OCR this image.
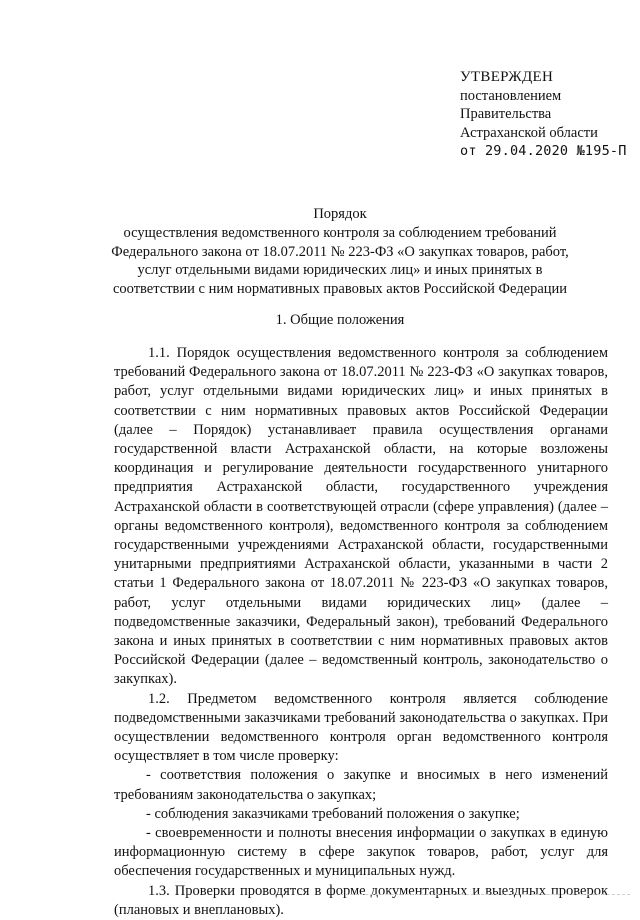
УТВЕРЖДЕН
постановлением
Правительства
Астраханской области
от 29.04.2020 №195-П
Порядок
осуществления ведомственного контроля за соблюдением требований Федерального закона от 18.07.2011 № 223-ФЗ «О закупках товаров, работ, услуг отдельными видами юридических лиц» и иных принятых в соответствии с ним нормативных правовых актов Российской Федерации
1. Общие положения

1.1. Порядок осуществления ведомственного контроля за соблюдением требований Федерального закона от 18.07.2011 № 223-ФЗ «О закупках товаров, работ, услуг отдельными видами юридических лиц» и иных принятых в соответствии с ним нормативных правовых актов Российской Федерации (далее – Порядок) устанавливает правила осуществления органами государственной власти Астраханской области, на которые возложены координация и регулирование деятельности государственного унитарного предприятия Астраханской области, государственного учреждения Астраханской области в соответствующей отрасли (сфере управления) (далее – органы ведомственного контроля), ведомственного контроля за соблюдением государственными учреждениями Астраханской области, государственными унитарными предприятиями Астраханской области, указанными в части 2 статьи 1 Федерального закона от 18.07.2011 № 223-ФЗ «О закупках товаров, работ, услуг отдельными видами юридических лиц» (далее – подведомственные заказчики, Федеральный закон), требований Федерального закона и иных принятых в соответствии с ним нормативных правовых актов Российской Федерации (далее – ведомственный контроль, законодательство о закупках).

1.2. Предметом ведомственного контроля является соблюдение подведомственными заказчиками требований законодательства о закупках. При осуществлении ведомственного контроля орган ведомственного контроля осуществляет в том числе проверку:

- соответствия положения о закупке и вносимых в него изменений требованиям законодательства о закупках;

- соблюдения заказчиками требований положения о закупке;

- своевременности и полноты внесения информации о закупках в единую информационную систему в сфере закупок товаров, работ, услуг для обеспечения государственных и муниципальных нужд.

1.3. Проверки проводятся в форме документарных и выездных проверок (плановых и внеплановых).
